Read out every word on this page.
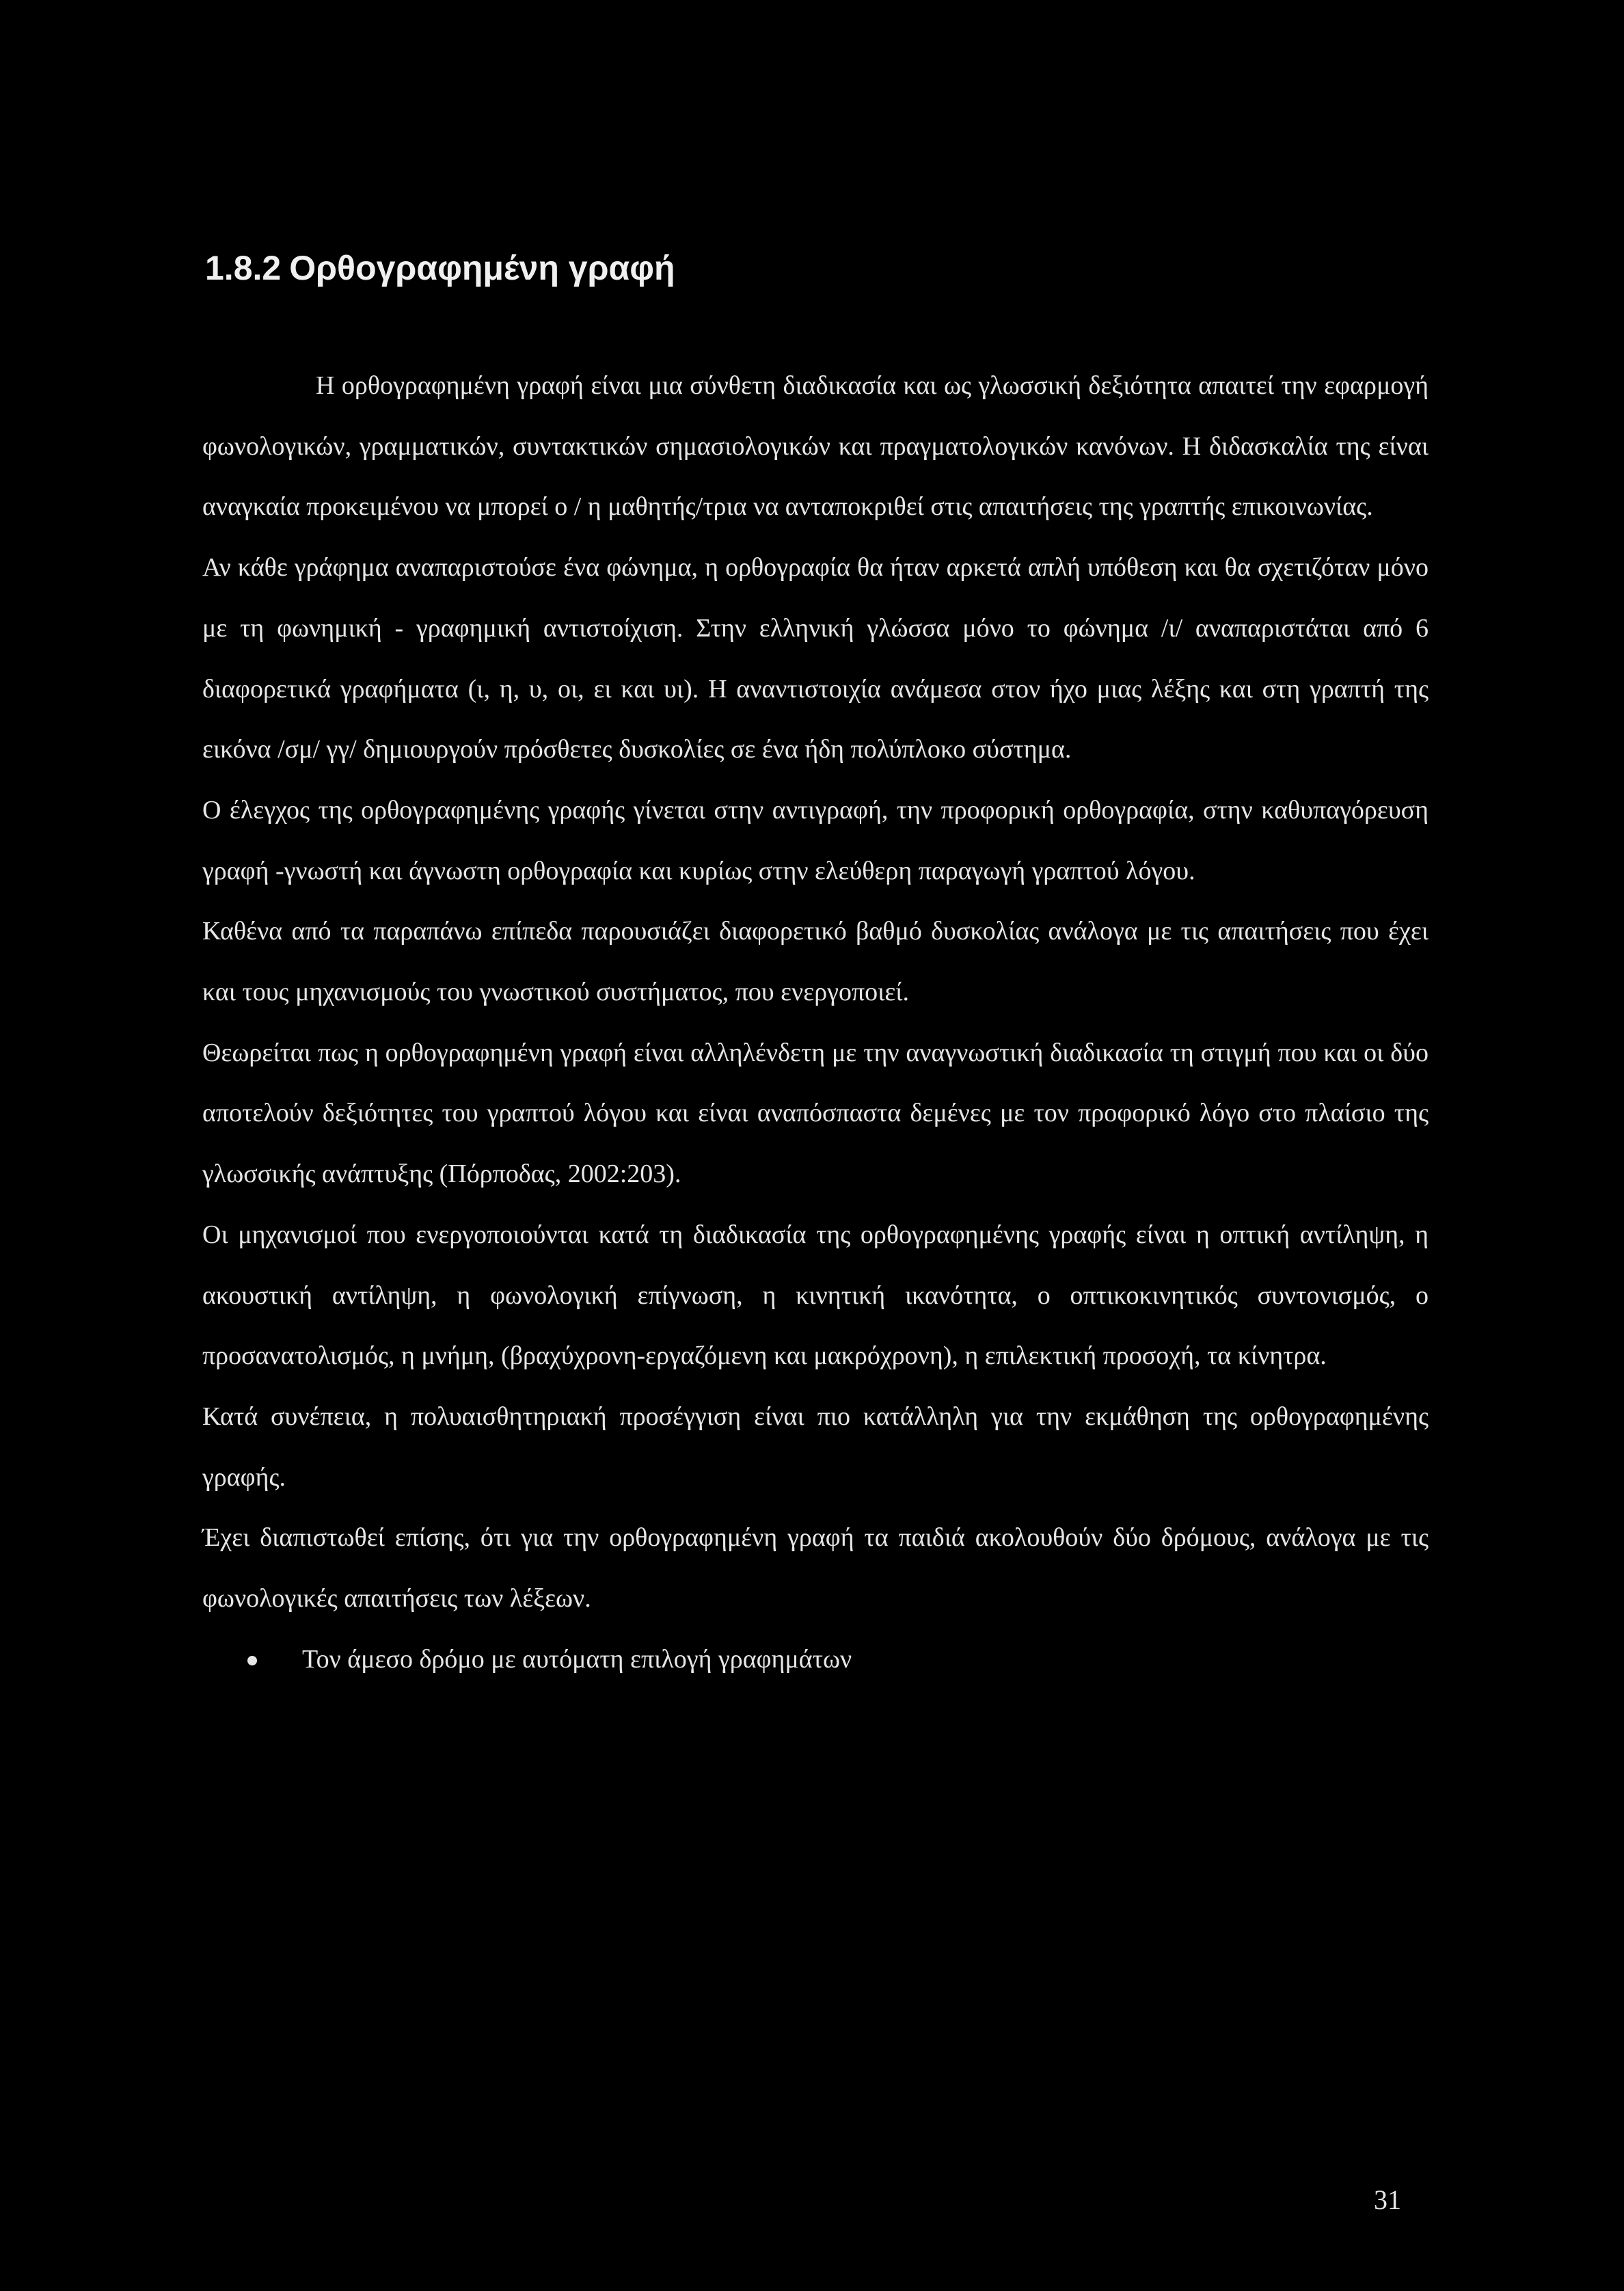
1.8.2 Ορθογραφημένη γραφή

Η ορθογραφημένη γραφή είναι μια σύνθετη διαδικασία και ως γλωσσική δεξιότητα απαιτεί την εφαρμογή φωνολογικών, γραμματικών, συντακτικών σημασιολογικών και πραγματολογικών κανόνων. Η διδασκαλία της είναι αναγκαία προκειμένου να μπορεί ο / η μαθητής/τρια να ανταποκριθεί στις απαιτήσεις της γραπτής επικοινωνίας.

Αν κάθε γράφημα αναπαριστούσε ένα φώνημα, η ορθογραφία θα ήταν αρκετά απλή υπόθεση και θα σχετιζόταν μόνο με τη φωνημική - γραφημική αντιστοίχιση. Στην ελληνική γλώσσα μόνο το φώνημα /ι/ αναπαριστάται από 6 διαφορετικά γραφήματα (ι, η, υ, οι, ει και υι). Η αναντιστοιχία ανάμεσα στον ήχο μιας λέξης και στη γραπτή της εικόνα /σμ/ γγ/ δημιουργούν πρόσθετες δυσκολίες σε ένα ήδη πολύπλοκο σύστημα.

Ο έλεγχος της ορθογραφημένης γραφής γίνεται στην αντιγραφή, την προφορική ορθογραφία, στην καθυπαγόρευση γραφή -γνωστή και άγνωστη ορθογραφία και κυρίως στην ελεύθερη παραγωγή γραπτού λόγου.

Καθένα από τα παραπάνω επίπεδα παρουσιάζει διαφορετικό βαθμό δυσκολίας ανάλογα με τις απαιτήσεις που έχει και τους μηχανισμούς του γνωστικού συστήματος, που ενεργοποιεί.

Θεωρείται πως η ορθογραφημένη γραφή είναι αλληλένδετη με την αναγνωστική διαδικασία τη στιγμή που και οι δύο αποτελούν δεξιότητες του γραπτού λόγου και είναι αναπόσπαστα δεμένες με τον προφορικό λόγο στο πλαίσιο της γλωσσικής ανάπτυξης (Πόρποδας, 2002:203).

Οι μηχανισμοί που ενεργοποιούνται κατά τη διαδικασία της ορθογραφημένης γραφής είναι η οπτική αντίληψη, η ακουστική αντίληψη, η φωνολογική επίγνωση, η κινητική ικανότητα, ο οπτικοκινητικός συντονισμός, ο προσανατολισμός, η μνήμη, (βραχύχρονη-εργαζόμενη και μακρόχρονη), η επιλεκτική προσοχή, τα κίνητρα.

Κατά συνέπεια, η πολυαισθητηριακή προσέγγιση είναι πιο κατάλληλη για την εκμάθηση της ορθογραφημένης γραφής.

Έχει διαπιστωθεί επίσης, ότι για την ορθογραφημένη γραφή τα παιδιά ακολουθούν δύο δρόμους, ανάλογα με τις φωνολογικές απαιτήσεις των λέξεων.

Τον άμεσο δρόμο με αυτόματη επιλογή γραφημάτων
31
